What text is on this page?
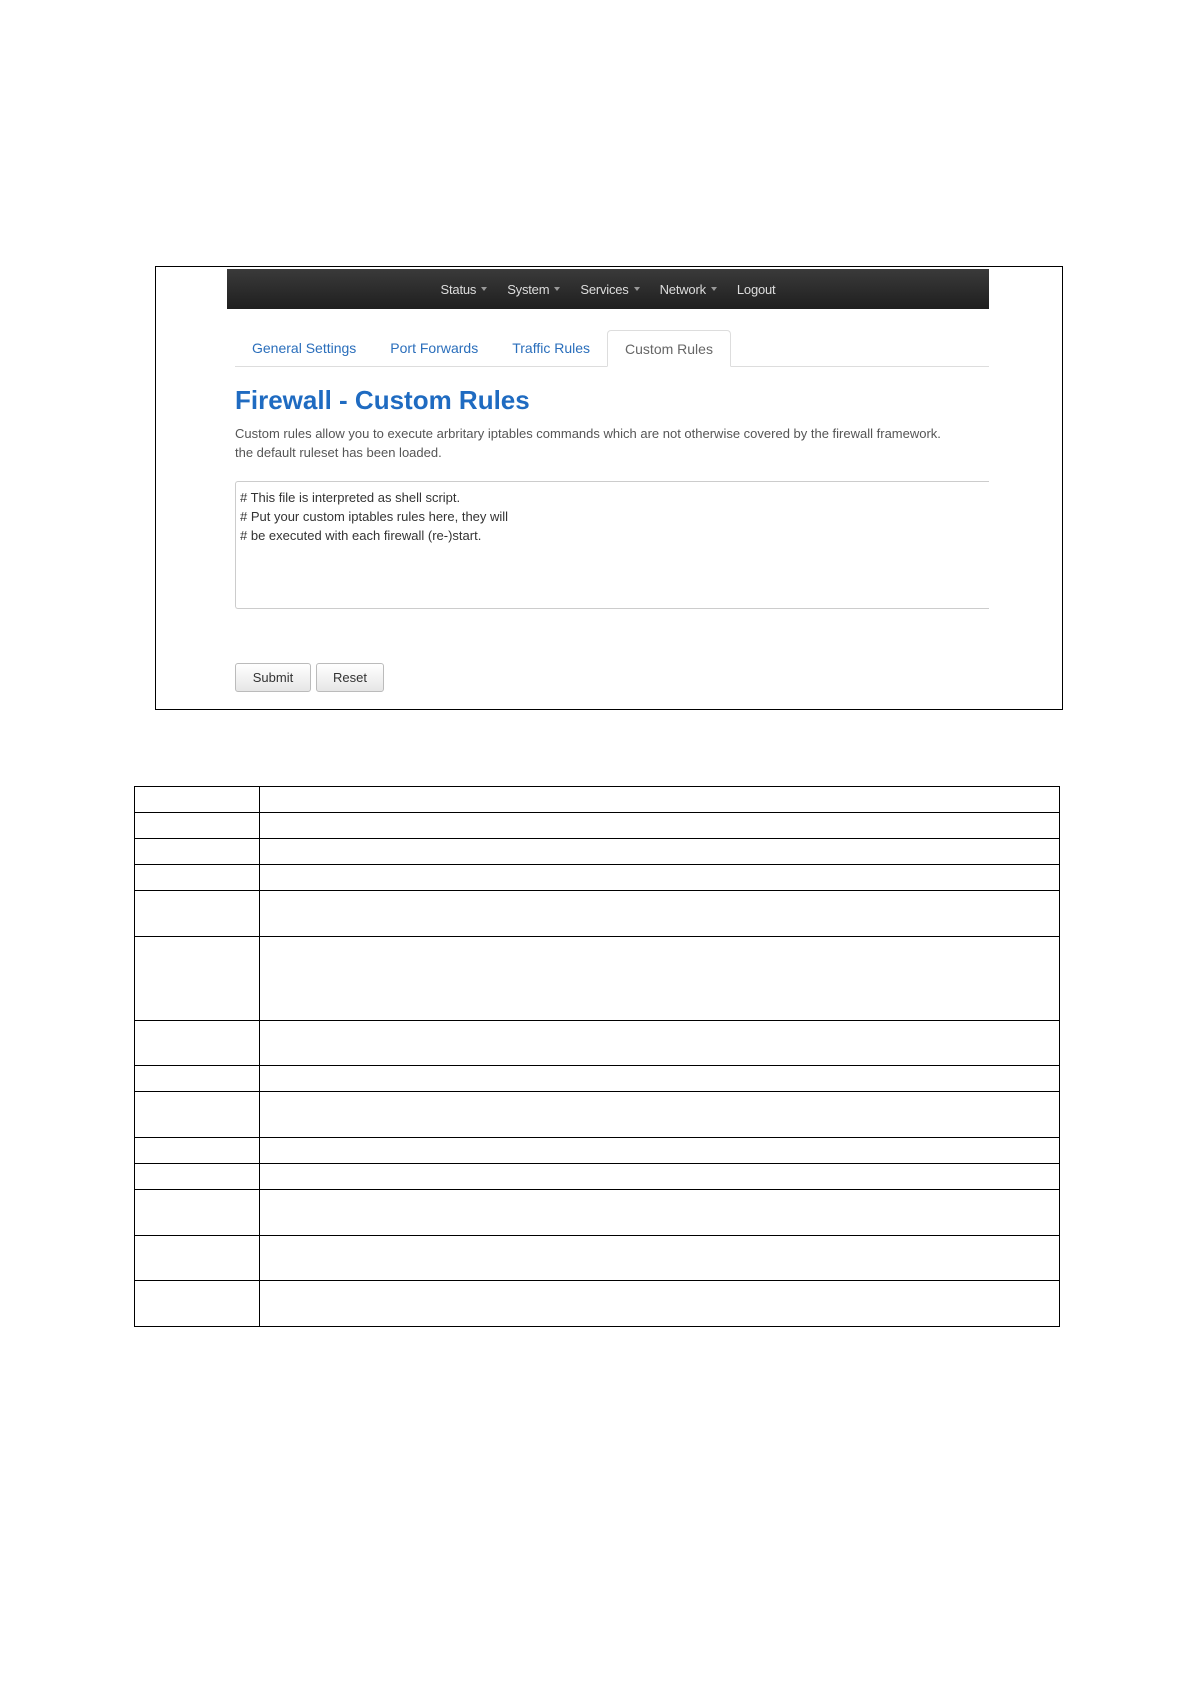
Status System Services Network Logout
General Settings	Port Forwards	Traffic Rules	Custom Rules
Firewall - Custom Rules
Custom rules allow you to execute arbritary iptables commands which are not otherwise covered by the firewall framework.
the default ruleset has been loaded.
# This file is interpreted as shell script. # Put your custom iptables rules here, they will # be executed with each firewall (re-)start.
Submit	Reset
